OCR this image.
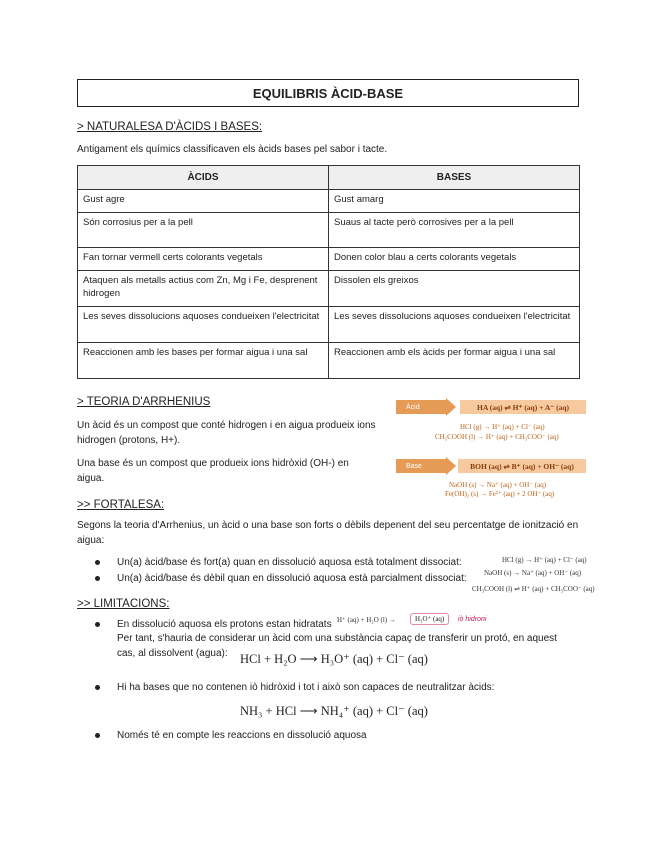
EQUILIBRIS ÀCID-BASE
> NATURALESA D'ÀCIDS I BASES:
Antigament els químics classificaven els àcids bases pel sabor i tacte.
ÀCIDS	BASES
Gust agre	Gust amarg
Són corrosius per a la pell	Suaus al tacte però corrosives per a la pell
Fan tornar vermell certs colorants vegetals	Donen color blau a certs colorants vegetals
Ataquen als metalls actius com Zn, Mg i Fe, desprenent hidrogen	Dissolen els greixos
Les seves dissolucions aquoses condueixen l'electricitat	Les seves dissolucions aquoses condueixen l'electricitat
Reaccionen amb les bases per formar aigua i una sal	Reaccionen amb els àcids per formar aigua i una sal
> TEORIA D'ARRHENIUS
Un àcid és un compost que conté hidrogen i en aigua produeix ions hidrogen (protons, H+).
Una base és un compost que produeix ions hidròxid (OH-) en aigua.
Àcid	HA (aq) ⇌ H⁺ (aq) + A⁻ (aq)
HCl (g) → H⁺ (aq) + Cl⁻ (aq)
CH₃COOH (l) → H⁺ (aq) + CH₃COO⁻ (aq)
Base	BOH (aq) ⇌ B⁺ (aq) + OH⁻ (aq)
NaOH (s) → Na⁺ (aq) + OH⁻ (aq)
Fe(OH)₂ (s) → Fe²⁺ (aq) + 2 OH⁻ (aq)
>> FORTALESA:
Segons la teoria d'Arrhenius, un àcid o una base son forts o dèbils depenent del seu percentatge de ionització en aigua:
Un(a) àcid/base és fort(a) quan en dissolució aquosa està totalment dissociat:
Un(a) àcid/base és dèbil quan en dissolució aquosa està parcialment dissociat:
HCl (g) → H⁺ (aq) + Cl⁻ (aq)
NaOH (s) → Na⁺ (aq) + OH⁻ (aq)
CH₃COOH (l) ⇌ H⁺ (aq) + CH₃COO⁻ (aq)
>> LIMITACIONS:
En dissolució aquosa els protons estan hidratats H⁺ (aq) + H₂O (l) →	H₃O⁺ (aq)	iò hidroni
Per tant, s'hauria de considerar un àcid com una substància capaç de transferir un protó, en aquest cas, al dissolvent (agua): HCl + H₂O ⟶ H₃O⁺ (aq) + Cl⁻ (aq)
Hi ha bases que no contenen iò hidròxid i tot i això son capaces de neutralitzar àcids:
NH₃ + HCl ⟶ NH₄⁺ (aq) + Cl⁻ (aq)
Només té en compte les reaccions en dissolució aquosa
